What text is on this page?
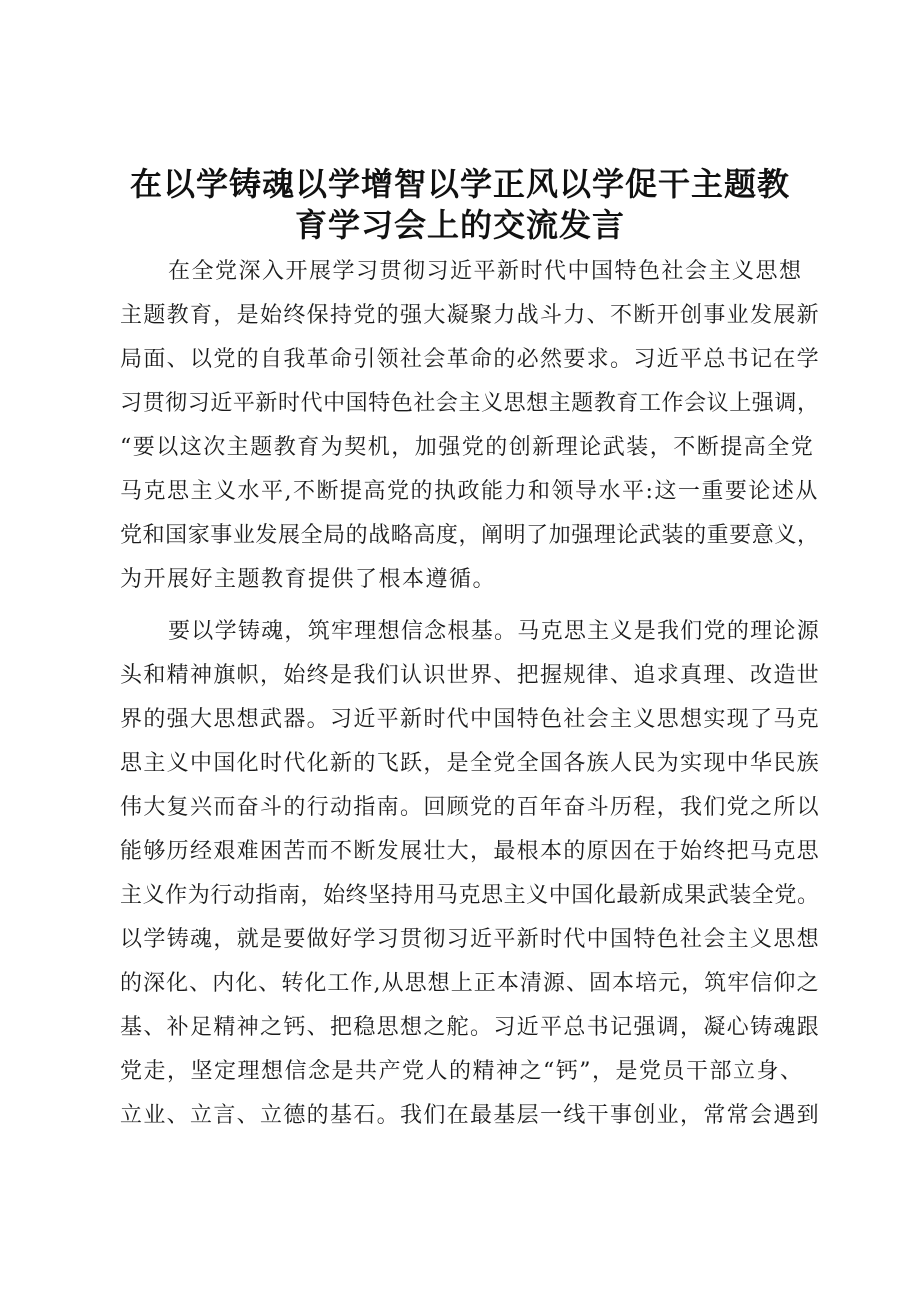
在以学铸魂以学增智以学正风以学促干主题教
育学习会上的交流发言
在全党深入开展学习贯彻习近平新时代中国特色社会主义思想
主题教育，是始终保持党的强大凝聚力战斗力、不断开创事业发展新
局面、以党的自我革命引领社会革命的必然要求。习近平总书记在学
习贯彻习近平新时代中国特色社会主义思想主题教育工作会议上强调，
“要以这次主题教育为契机，加强党的创新理论武装，不断提高全党
马克思主义水平,不断提高党的执政能力和领导水平:这一重要论述从
党和国家事业发展全局的战略高度，阐明了加强理论武装的重要意义，
为开展好主题教育提供了根本遵循。
要以学铸魂，筑牢理想信念根基。马克思主义是我们党的理论源
头和精神旗帜，始终是我们认识世界、把握规律、追求真理、改造世
界的强大思想武器。习近平新时代中国特色社会主义思想实现了马克
思主义中国化时代化新的飞跃，是全党全国各族人民为实现中华民族
伟大复兴而奋斗的行动指南。回顾党的百年奋斗历程，我们党之所以
能够历经艰难困苦而不断发展壮大，最根本的原因在于始终把马克思
主义作为行动指南，始终坚持用马克思主义中国化最新成果武装全党。
以学铸魂，就是要做好学习贯彻习近平新时代中国特色社会主义思想
的深化、内化、转化工作,从思想上正本清源、固本培元，筑牢信仰之
基、补足精神之钙、把稳思想之舵。习近平总书记强调，凝心铸魂跟
党走，坚定理想信念是共产党人的精神之“钙”，是党员干部立身、
立业、立言、立德的基石。我们在最基层一线干事创业，常常会遇到
